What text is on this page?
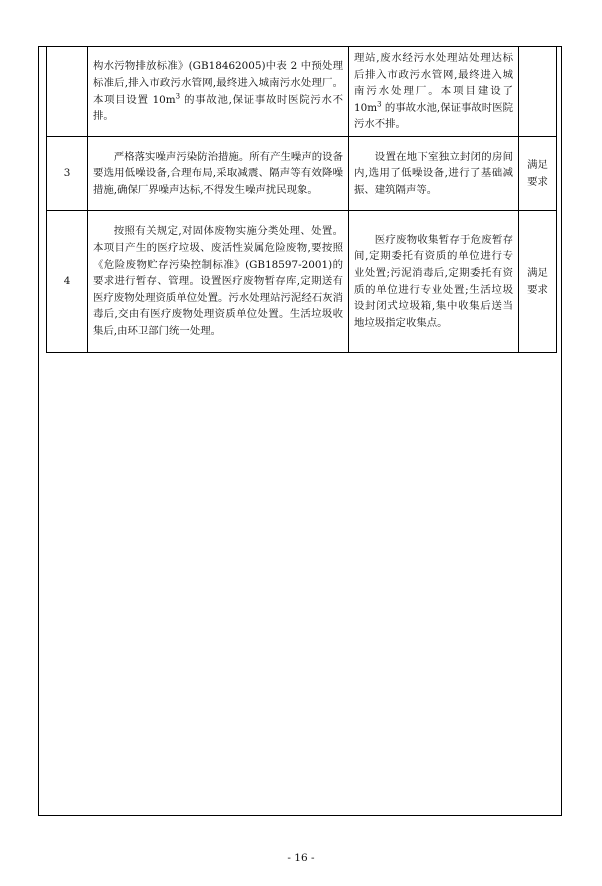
	构水污物排放标准》(GB18462005)中表 2 中预处理标准后,排入市政污水管网,最终进入城南污水处理厂。本项目设置 $10m^3$ 的事故池,保证事故时医院污水不排。	理站,废水经污水处理站处理达标后排入市政污水管网,最终进入城南污水处理厂。本项目建设了 $10m^3$ 的事故水池,保证事故时医院污水不排。	

3	严格落实噪声污染防治措施。所有产生噪声的设备要选用低噪设备,合理布局,采取减震、隔声等有效降噪措施,确保厂界噪声达标,不得发生噪声扰民现象。	设置在地下室独立封闭的房间内,选用了低噪设备,进行了基础减振、建筑隔声等。	满足要求
4	按照有关规定,对固体废物实施分类处理、处置。本项目产生的医疗垃圾、废活性炭属危险废物,要按照《危险废物贮存污染控制标准》(GB18597-2001)的要求进行暂存、管理。设置医疗废物暂存库,定期送有医疗废物处理资质单位处置。污水处理站污泥经石灰消毒后,交由有医疗废物处理资质单位处置。生活垃圾收集后,由环卫部门统一处理。	医疗废物收集暂存于危废暂存间,定期委托有资质的单位进行专业处置;污泥消毒后,定期委托有资质的单位进行专业处置;生活垃圾设封闭式垃圾箱,集中收集后送当地垃圾指定收集点。	满足要求
- 16 -
